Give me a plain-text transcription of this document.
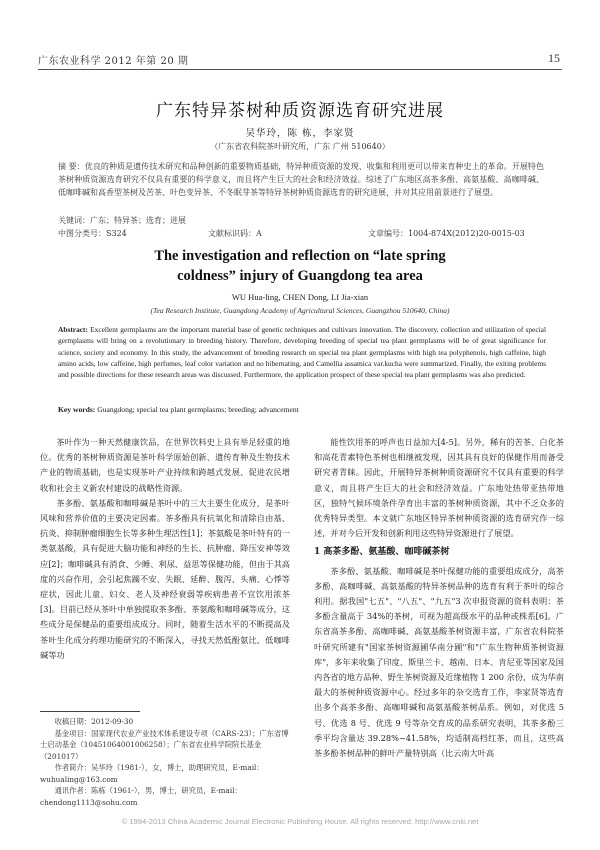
广东农业科学 2012 年第 20 期	15
广东特异茶树种质资源选育研究进展
吴华玲，陈 栋，李家贤
（广东省农科院茶叶研究所，广东 广州 510640）
摘 要：优良的种质是遗传技术研究和品种创新的重要物质基础，特异种质资源的发现、收集和利用更可以带来育种史上的革命。开展特色茶树种质资源选育研究不仅具有重要的科学意义，而且将产生巨大的社会和经济效益。综述了广东地区高茶多酚、高氨基酸、高咖啡碱、低咖啡碱和高香型茶树及苦茶、叶色变异茶、不冬眠芽茶等特异茶树种质资源选育的研究进展，并对其应用前景进行了展望。
关键词：广东；特异茶；选育；进展
中图分类号：S324	文献标识码：A	文章编号：1004-874X(2012)20-0015-03
The investigation and reflection on “late spring
coldness” injury of Guangdong tea area
WU Hua-ling, CHEN Dong, LI Jia-xian
(Tea Research Institute, Guangdong Academy of Agricultural Sciences, Guangzhou 510640, China)
Abstract: Excellent germplasms are the important material base of genetic techniques and cultivars innovation. The discovery, collection and utilization of special germplasms will bring on a revolutionary in breeding history. Therefore, developing breeding of special tea plant germplasms will be of great significance for science, society and economy. In this study, the advancement of breeding research on special tea plant germplasms with high tea polyphenols, high caffeine, high amino acids, low caffeine, high perfumes, leaf color variation and no hibernating, and Camellia assamica var.kucha were summarized. Finally, the exiting problems and possible directions for these research areas was discussed. Furthermore, the application prospect of these special tea plant germplasms was also predicted.
Key words: Guangdong; special tea plant germplasms; breeding; advancement

茶叶作为一种天然健康饮品，在世界饮料史上具有举足轻重的地位。优秀的茶树种质资源是茶叶科学原始创新、遗传育种及生物技术产业的物质基础，也是实现茶叶产业持续和跨越式发展、促进农民增收和社会主义新农村建设的战略性资源。

茶多酚、氨基酸和咖啡碱是茶叶中的三大主要生化成分，是茶叶风味和营养价值的主要决定因素。茶多酚具有抗氧化和清除自由基、抗炎、抑制肿瘤细胞生长等多种生理活性[1]；茶氨酸是茶叶特有的一类氨基酸，具有促进大脑功能和神经的生长、抗肿瘤、降压安神等效应[2]；咖啡碱具有消食、少睡、利尿、益思等保健功能，但由于其高度的兴奋作用，会引起焦躁不安、失眠、延醉、腹泻、头痛、心悸等症状，因此儿童、妇女、老人及神经衰弱等疾病患者不宜饮用浓茶[3]。目前已经从茶叶中单独提取茶多酚、茶氨酸和咖啡碱等成分，这些成分是保健品的重要组成成分。同时，随着生活水平的不断提高及茶叶生化成分药理功能研究的不断深入，寻找天然低酚氨比、低咖啡碱等功

能性饮用茶的呼声也日益加大[4-5]。另外，稀有的苦茶、白化茶和高花青素特色茶树也相继被发现，因其具有良好的保健作用而备受研究者青睐。因此，开展特异茶树种质资源研究不仅具有重要的科学意义，而且将产生巨大的社会和经济效益。广东地处热带亚热带地区，独特气候环境条件孕育出丰富的茶树种质资源，其中不乏众多的优秀特异类型。本文就广东地区特异茶树种质资源的选育研究作一综述，并对今后开发和创新利用这些特异资源进行了展望。

1 高茶多酚、氨基酸、咖啡碱茶树

茶多酚、氨基酸、咖啡碱是茶叶保健功能的重要组成成分，高茶多酚、高咖啡碱、高氨基酸的特异茶树品种的选育有利于茶叶的综合利用。据我国"七五"、"八五"、"九五"3 次申报资源的资料表明：茶多酚含量高于 34%的茶树，可视为超高级水平的品种或株系[6]。广东省高茶多酚、高咖啡碱、高氨基酸茶树资源丰富，广东省农科院茶叶研究所建有"国家茶树资源圃华南分圃"和"广东生物种质茶树资源库"，多年来收集了印度、斯里兰卡、越南、日本、肯尼亚等国家及国内各省的地方品种、野生茶树资源及近缘植物 1 200 余份，成为华南最大的茶树种质资源中心。经过多年的杂交选育工作，李家贤等选育出多个高茶多酚、高咖啡碱和高氨基酸茶树品系。例如，对优选 5 号、优选 8 号、优选 9 号等杂交育成的品系研究表明，其茶多酚三季平均含量达 39.28%~41.58%，均适制高档红茶，而且，这些高茶多酚茶树品种的鲜叶产量特别高（比云南大叶高

收稿日期：2012-09-30

基金项目：国家现代农业产业技术体系建设专项（CARS-23）；广东省博士启动基金（10451064001006258）；广东省农业科学院院长基金（201017）

作者简介：吴华玲（1981-），女，博士，助理研究员，E-mail：wuhualing@163.com

通讯作者：陈栋（1961-），男，博士，研究员，E-mail：chendong1113@sohu.com

© 1994-2013 China Academic Journal Electronic Publishing House. All rights reserved. http://www.cnki.net
